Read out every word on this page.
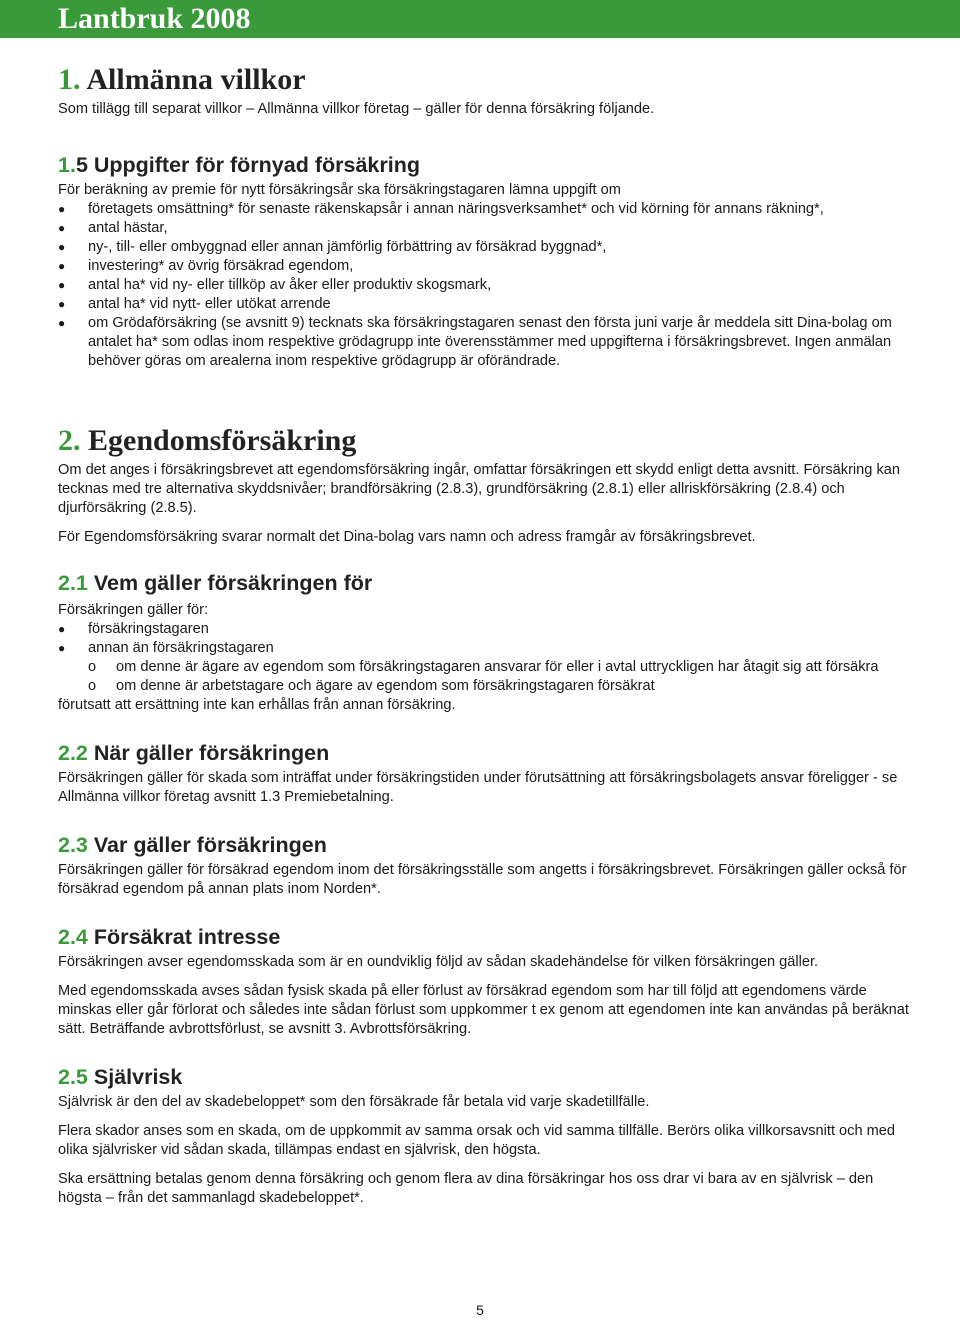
Lantbruk 2008
1. Allmänna villkor

Som tillägg till separat villkor – Allmänna villkor företag – gäller för denna försäkring följande.

1.5 Uppgifter för förnyad försäkring

För beräkning av premie för nytt försäkringsår ska försäkringstagaren lämna uppgift om

● företagets omsättning* för senaste räkenskapsår i annan näringsverksamhet* och vid körning för annans räkning*,
● antal hästar,
● ny-, till- eller ombyggnad eller annan jämförlig förbättring av försäkrad byggnad*,
● investering* av övrig försäkrad egendom,
● antal ha* vid ny- eller tillköp av åker eller produktiv skogsmark,
● antal ha* vid nytt- eller utökat arrende
● om Grödaförsäkring (se avsnitt 9) tecknats ska försäkringstagaren senast den första juni varje år meddela sitt Dina-bolag om antalet ha* som odlas inom respektive grödagrupp inte överensstämmer med uppgifterna i försäkringsbrevet. Ingen anmälan behöver göras om arealerna inom respektive grödagrupp är oförändrade.
2. Egendomsförsäkring

Om det anges i försäkringsbrevet att egendomsförsäkring ingår, omfattar försäkringen ett skydd enligt detta avsnitt. Försäkring kan tecknas med tre alternativa skyddsnivåer; brandförsäkring (2.8.3), grundförsäkring (2.8.1) eller allriskförsäkring (2.8.4) och djurförsäkring (2.8.5).

För Egendomsförsäkring svarar normalt det Dina-bolag vars namn och adress framgår av försäkringsbrevet.

2.1 Vem gäller försäkringen för

Försäkringen gäller för:

● försäkringstagaren
● annan än försäkringstagaren
o om denne är ägare av egendom som försäkringstagaren ansvarar för eller i avtal uttryckligen har åtagit sig att försäkra
o om denne är arbetstagare och ägare av egendom som försäkringstagaren försäkrat

förutsatt att ersättning inte kan erhållas från annan försäkring.

2.2 När gäller försäkringen

Försäkringen gäller för skada som inträffat under försäkringstiden under förutsättning att försäkringsbolagets ansvar föreligger - se Allmänna villkor företag avsnitt 1.3 Premiebetalning.

2.3 Var gäller försäkringen

Försäkringen gäller för försäkrad egendom inom det försäkringsställe som angetts i försäkringsbrevet. Försäkringen gäller också för försäkrad egendom på annan plats inom Norden*.

2.4 Försäkrat intresse

Försäkringen avser egendomsskada som är en oundviklig följd av sådan skadehändelse för vilken försäkringen gäller.

Med egendomsskada avses sådan fysisk skada på eller förlust av försäkrad egendom som har till följd att egendomens värde minskas eller går förlorat och således inte sådan förlust som uppkommer t ex genom att egendomen inte kan användas på beräknat sätt. Beträffande avbrottsförlust, se avsnitt 3. Avbrottsförsäkring.

2.5 Självrisk

Självrisk är den del av skadebeloppet* som den försäkrade får betala vid varje skadetillfälle.

Flera skador anses som en skada, om de uppkommit av samma orsak och vid samma tillfälle. Berörs olika villkorsavsnitt och med olika självrisker vid sådan skada, tillämpas endast en självrisk, den högsta.

Ska ersättning betalas genom denna försäkring och genom flera av dina försäkringar hos oss drar vi bara av en självrisk – den högsta – från det sammanlagd skadebeloppet*.

5
